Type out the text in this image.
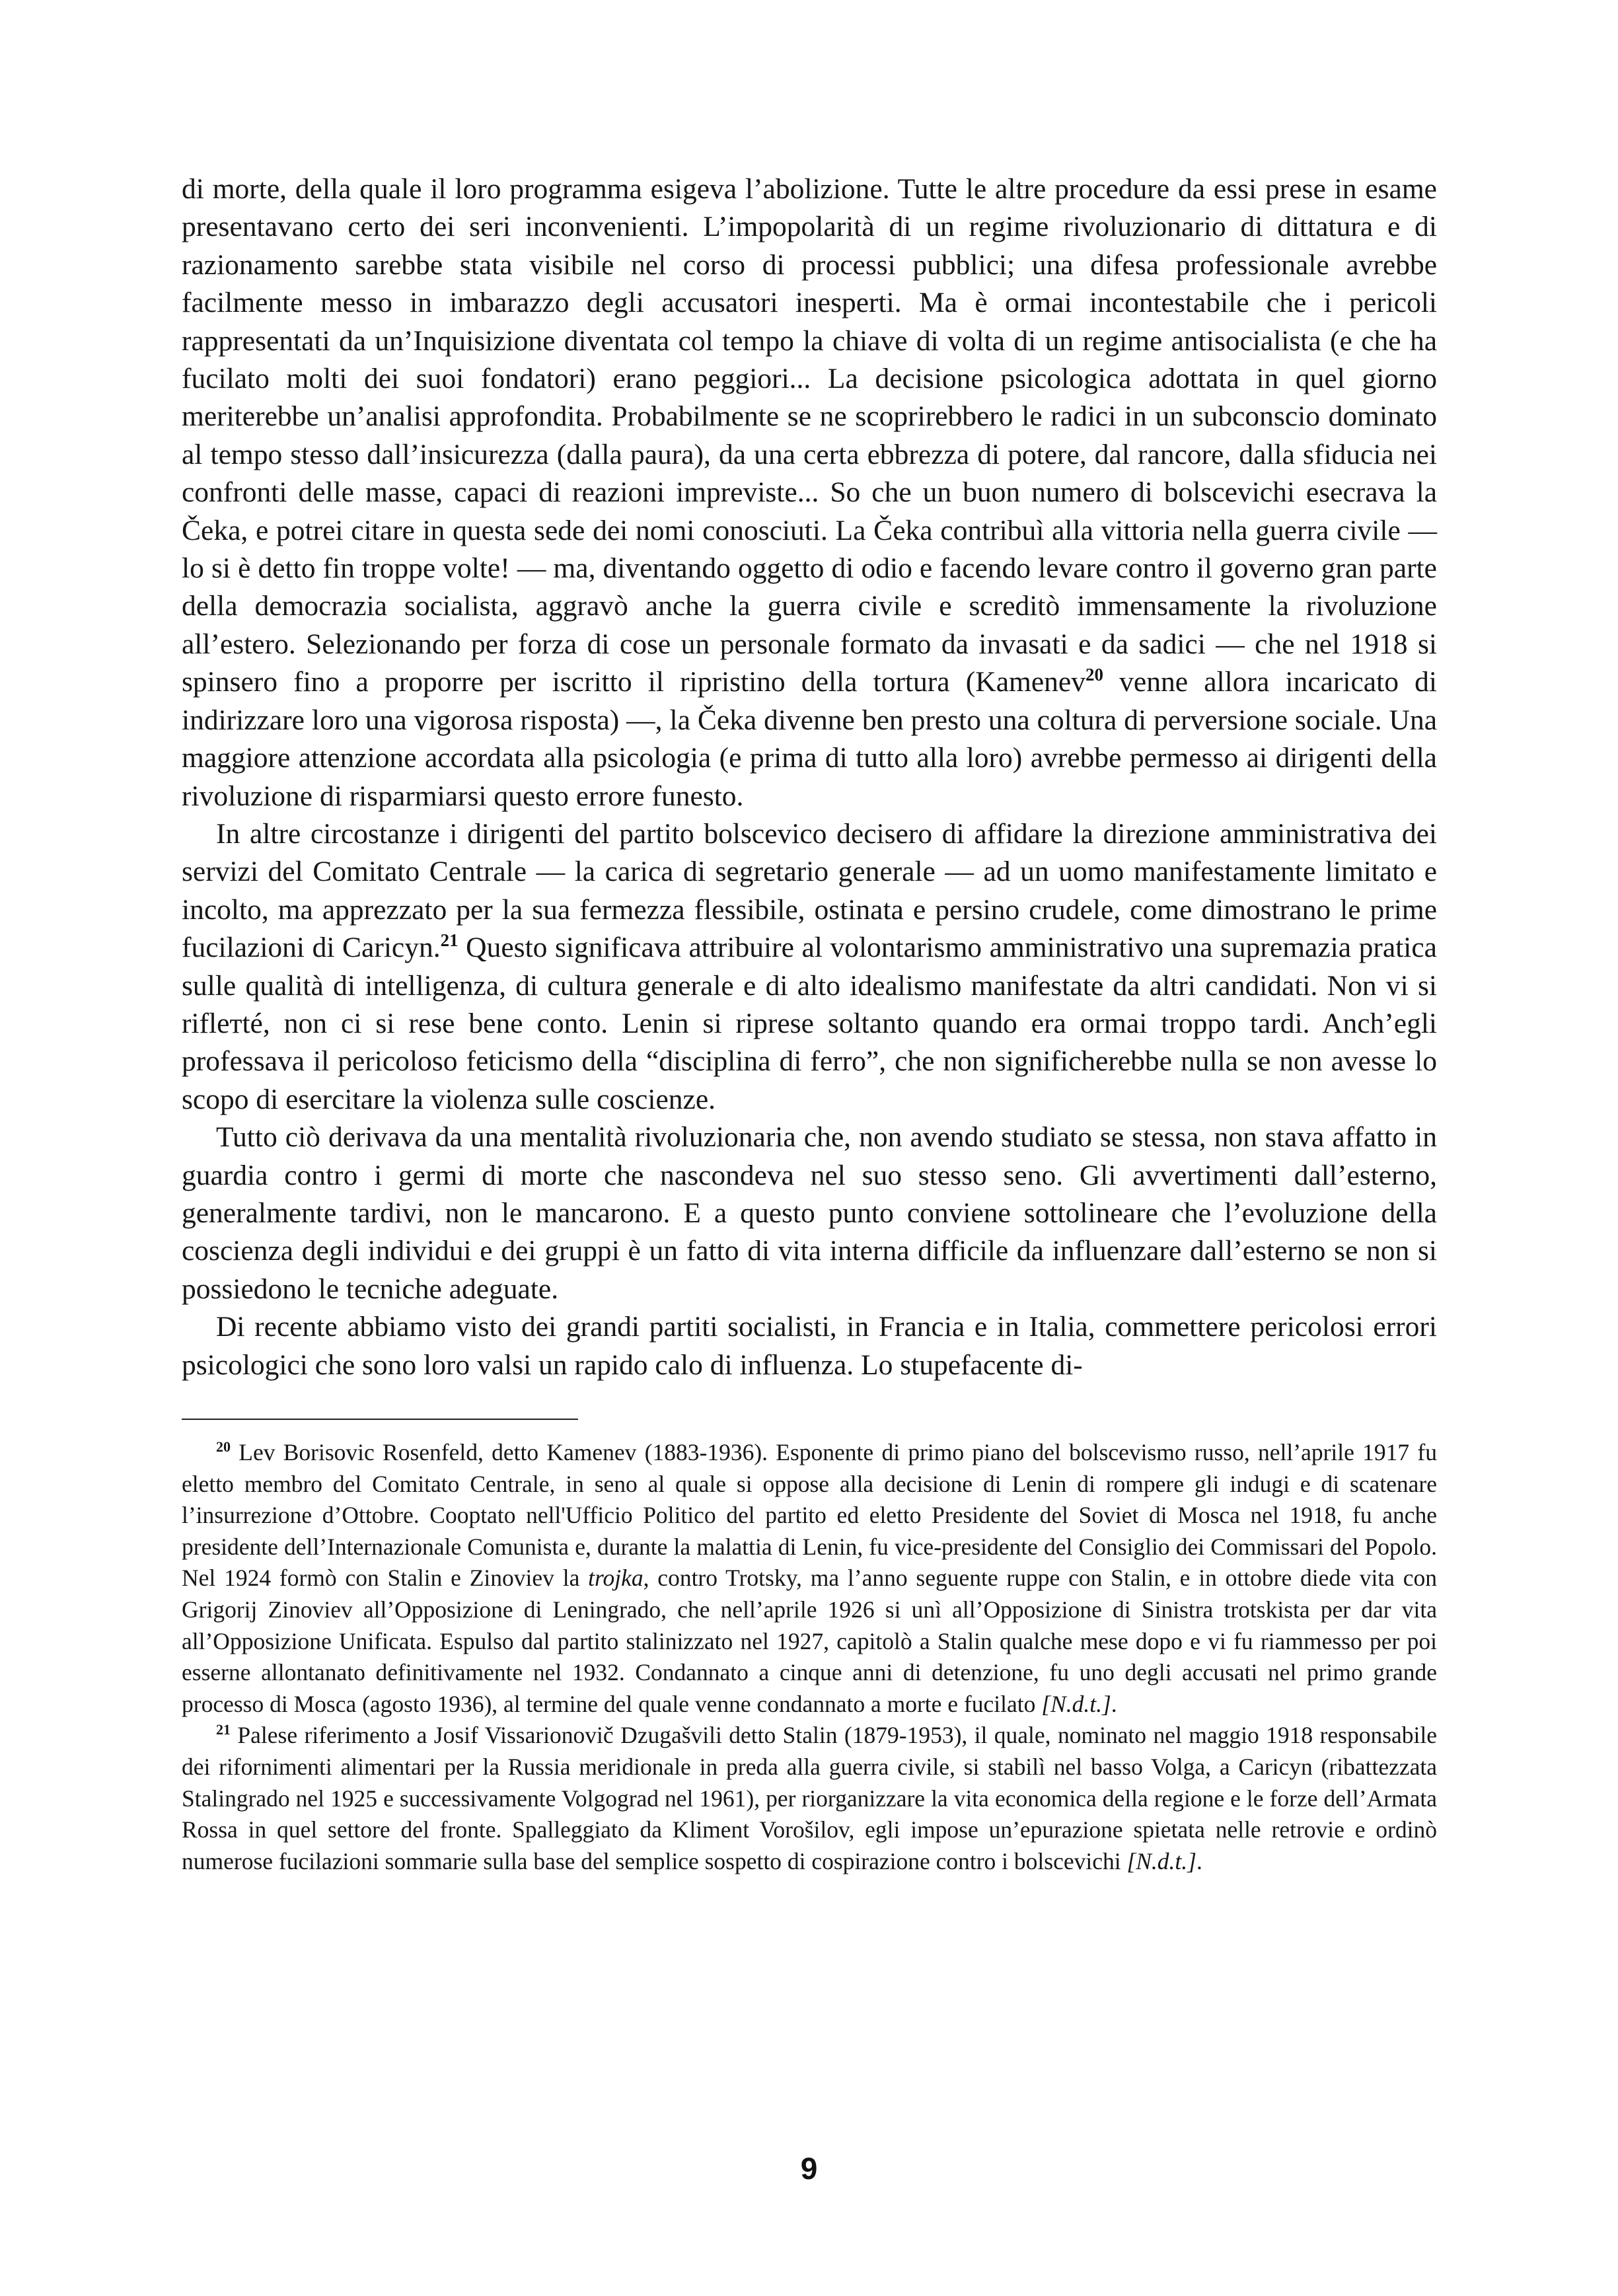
di morte, della quale il loro programma esigeva l’abolizione. Tutte le altre procedure da essi prese in esame presentavano certo dei seri inconvenienti. L’impopolarità di un regime rivoluzionario di dittatura e di razionamento sarebbe stata visibile nel corso di processi pubblici; una difesa professionale avrebbe facilmente messo in imbarazzo degli accusatori inesperti. Ma è ormai incontestabile che i pericoli rappresentati da un’Inquisizione diventata col tempo la chiave di volta di un regime antisocialista (e che ha fucilato molti dei suoi fondatori) erano peggiori... La decisione psicologica adottata in quel giorno meriterebbe un’analisi approfondita. Probabilmente se ne scoprirebbero le radici in un subconscio dominato al tempo stesso dall’insicurezza (dalla paura), da una certa ebbrezza di potere, dal rancore, dalla sfiducia nei confronti delle masse, capaci di reazioni impreviste... So che un buon numero di bolscevichi esecrava la Čeka, e potrei citare in questa sede dei nomi conosciuti. La Čeka contribuì alla vittoria nella guerra civile — lo si è detto fin troppe volte! — ma, diventando oggetto di odio e facendo levare contro il governo gran parte della democrazia socialista, aggravò anche la guerra civile e screditò immensamente la rivoluzione all’estero. Selezionando per forza di cose un personale formato da invasati e da sadici — che nel 1918 si spinsero fino a proporre per iscritto il ripristino della tortura (Kamenev$^{20}$ venne allora incaricato di indirizzare loro una vigorosa risposta) —, la Čeka divenne ben presto una coltura di perversione sociale. Una maggiore attenzione accordata alla psicologia (e prima di tutto alla loro) avrebbe permesso ai dirigenti della rivoluzione di risparmiarsi questo errore funesto.

In altre circostanze i dirigenti del partito bolscevico decisero di affidare la direzione amministrativa dei servizi del Comitato Centrale — la carica di segretario generale — ad un uomo manifestamente limitato e incolto, ma apprezzato per la sua fermezza flessibile, ostinata e persino crudele, come dimostrano le prime fucilazioni di Caricyn.$^{21}$ Questo significava attribuire al volontarismo amministrativo una supremazia pratica sulle qualità di intelligenza, di cultura generale e di alto idealismo manifestate da altri candidati. Non vi si riflетté, non ci si rese bene conto. Lenin si riprese soltanto quando era ormai troppo tardi. Anch’egli professava il pericoloso feticismo della “disciplina di ferro”, che non significherebbe nulla se non avesse lo scopo di esercitare la violenza sulle coscienze.

Tutto ciò derivava da una mentalità rivoluzionaria che, non avendo studiato se stessa, non stava affatto in guardia contro i germi di morte che nascondeva nel suo stesso seno. Gli avvertimenti dall’esterno, generalmente tardivi, non le mancarono. E a questo punto conviene sottolineare che l’evoluzione della coscienza degli individui e dei gruppi è un fatto di vita interna difficile da influenzare dall’esterno se non si possiedono le tecniche adeguate.

Di recente abbiamo visto dei grandi partiti socialisti, in Francia e in Italia, commettere pericolosi errori psicologici che sono loro valsi un rapido calo di influenza. Lo stupefacente di-

$^{20}$ Lev Borisovic Rosenfeld, detto Kamenev (1883-1936). Esponente di primo piano del bolscevismo russo, nell’aprile 1917 fu eletto membro del Comitato Centrale, in seno al quale si oppose alla decisione di Lenin di rompere gli indugi e di scatenare l’insurrezione d’Ottobre. Cooptato nell'Ufficio Politico del partito ed eletto Presidente del Soviet di Mosca nel 1918, fu anche presidente dell’Internazionale Comunista e, durante la malattia di Lenin, fu vice-presidente del Consiglio dei Commissari del Popolo. Nel 1924 formò con Stalin e Zinoviev la trojka, contro Trotsky, ma l’anno seguente ruppe con Stalin, e in ottobre diede vita con Grigorij Zinoviev all’Opposizione di Leningrado, che nell’aprile 1926 si unì all’Opposizione di Sinistra trotskista per dar vita all’Opposizione Unificata. Espulso dal partito stalinizzato nel 1927, capitolò a Stalin qualche mese dopo e vi fu riammesso per poi esserne allontanato definitivamente nel 1932. Condannato a cinque anni di detenzione, fu uno degli accusati nel primo grande processo di Mosca (agosto 1936), al termine del quale venne condannato a morte e fucilato [N.d.t.].

$^{21}$ Palese riferimento a Josif Vissarionovič Dzugašvili detto Stalin (1879-1953), il quale, nominato nel maggio 1918 responsabile dei rifornimenti alimentari per la Russia meridionale in preda alla guerra civile, si stabilì nel basso Volga, a Caricyn (ribattezzata Stalingrado nel 1925 e successivamente Volgograd nel 1961), per riorganizzare la vita economica della regione e le forze dell’Armata Rossa in quel settore del fronte. Spalleggiato da Kliment Vorošilov, egli impose un’epurazione spietata nelle retrovie e ordinò numerose fucilazioni sommarie sulla base del semplice sospetto di cospirazione contro i bolscevichi [N.d.t.].

9
